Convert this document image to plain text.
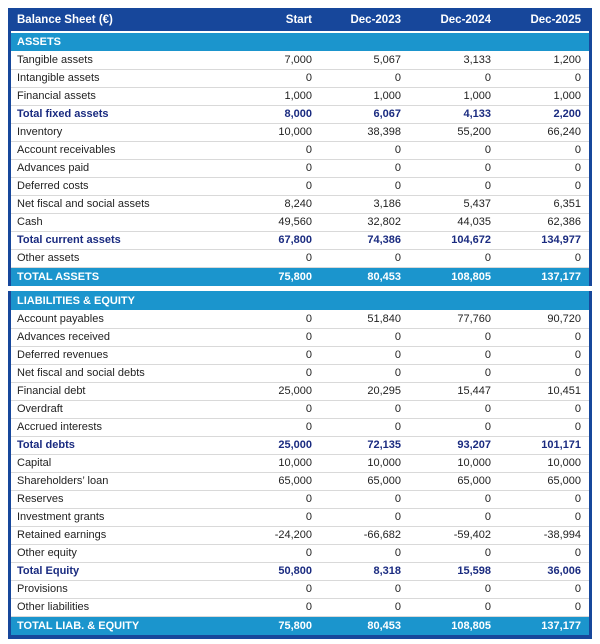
Balance Sheet (€)	Start	Dec-2023	Dec-2024	Dec-2025
ASSETS				
Tangible assets	7,000	5,067	3,133	1,200
Intangible assets	0	0	0	0
Financial assets	1,000	1,000	1,000	1,000
Total fixed assets	8,000	6,067	4,133	2,200
Inventory	10,000	38,398	55,200	66,240
Account receivables	0	0	0	0
Advances paid	0	0	0	0
Deferred costs	0	0	0	0
Net fiscal and social assets	8,240	3,186	5,437	6,351
Cash	49,560	32,802	44,035	62,386
Total current assets	67,800	74,386	104,672	134,977
Other assets	0	0	0	0
TOTAL ASSETS	75,800	80,453	108,805	137,177
LIABILITIES & EQUITY				
Account payables	0	51,840	77,760	90,720
Advances received	0	0	0	0
Deferred revenues	0	0	0	0
Net fiscal and social debts	0	0	0	0
Financial debt	25,000	20,295	15,447	10,451
Overdraft	0	0	0	0
Accrued interests	0	0	0	0
Total debts	25,000	72,135	93,207	101,171
Capital	10,000	10,000	10,000	10,000
Shareholders’ loan	65,000	65,000	65,000	65,000
Reserves	0	0	0	0
Investment grants	0	0	0	0
Retained earnings	-24,200	-66,682	-59,402	-38,994
Other equity	0	0	0	0
Total Equity	50,800	8,318	15,598	36,006
Provisions	0	0	0	0
Other liabilities	0	0	0	0
TOTAL LIAB. & EQUITY	75,800	80,453	108,805	137,177
